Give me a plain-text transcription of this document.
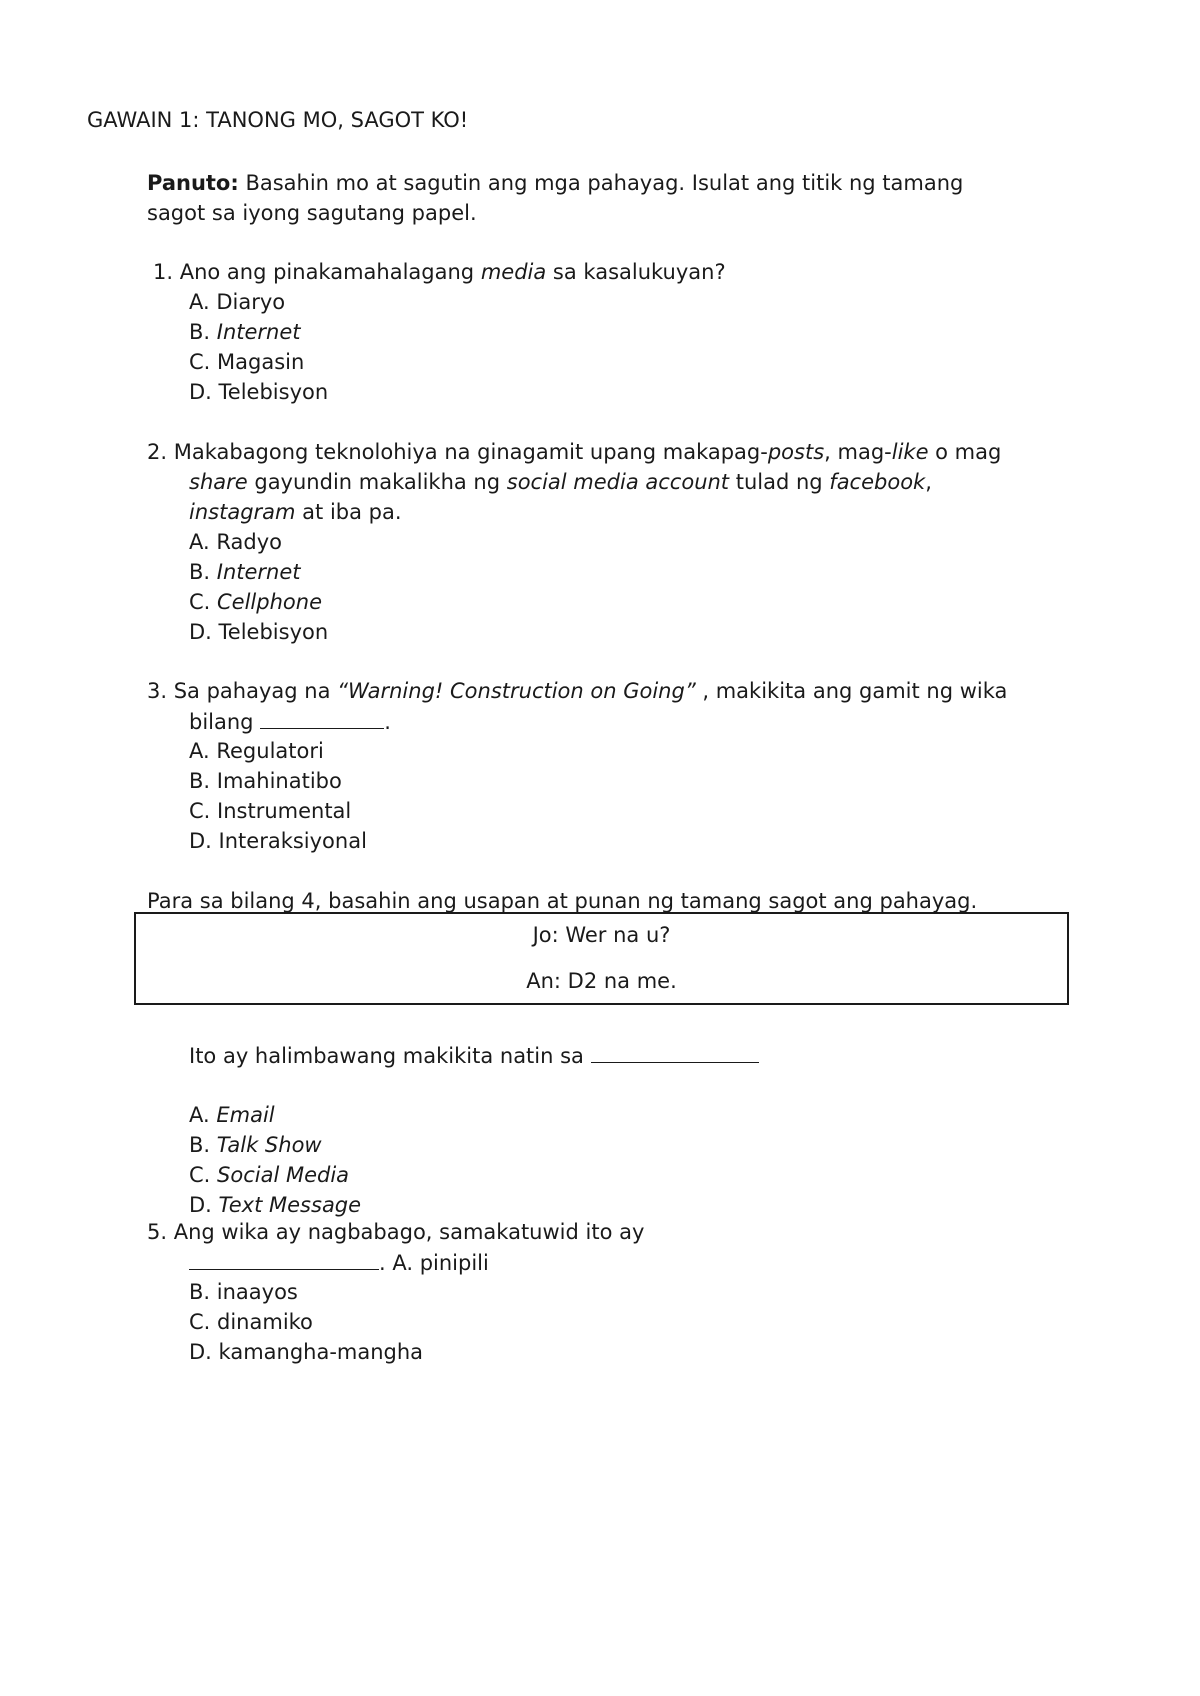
GAWAIN 1: TANONG MO, SAGOT KO!
Panuto: Basahin mo at sagutin ang mga pahayag. Isulat ang titik ng tamang
sagot sa iyong sagutang papel.
1. Ano ang pinakamahalagang media sa kasalukuyan?
A. Diaryo
B. Internet
C. Magasin
D. Telebisyon
2. Makabagong teknolohiya na ginagamit upang makapag-posts, mag-like o mag
share gayundin makalikha ng social media account tulad ng facebook,
instagram at iba pa.
A. Radyo
B. Internet
C. Cellphone
D. Telebisyon
3. Sa pahayag na “Warning! Construction on Going” , makikita ang gamit ng wika
bilang	.
A. Regulatori
B. Imahinatibo
C. Instrumental
D. Interaksiyonal
Para sa bilang 4, basahin ang usapan at punan ng tamang sagot ang pahayag.
Jo: Wer na u?
An: D2 na me.
Ito ay halimbawang makikita natin sa
A. Email
B. Talk Show
C. Social Media
D. Text Message
5. Ang wika ay nagbabago, samakatuwid ito ay
. A. pinipili
B. inaayos
C. dinamiko
D. kamangha-mangha
